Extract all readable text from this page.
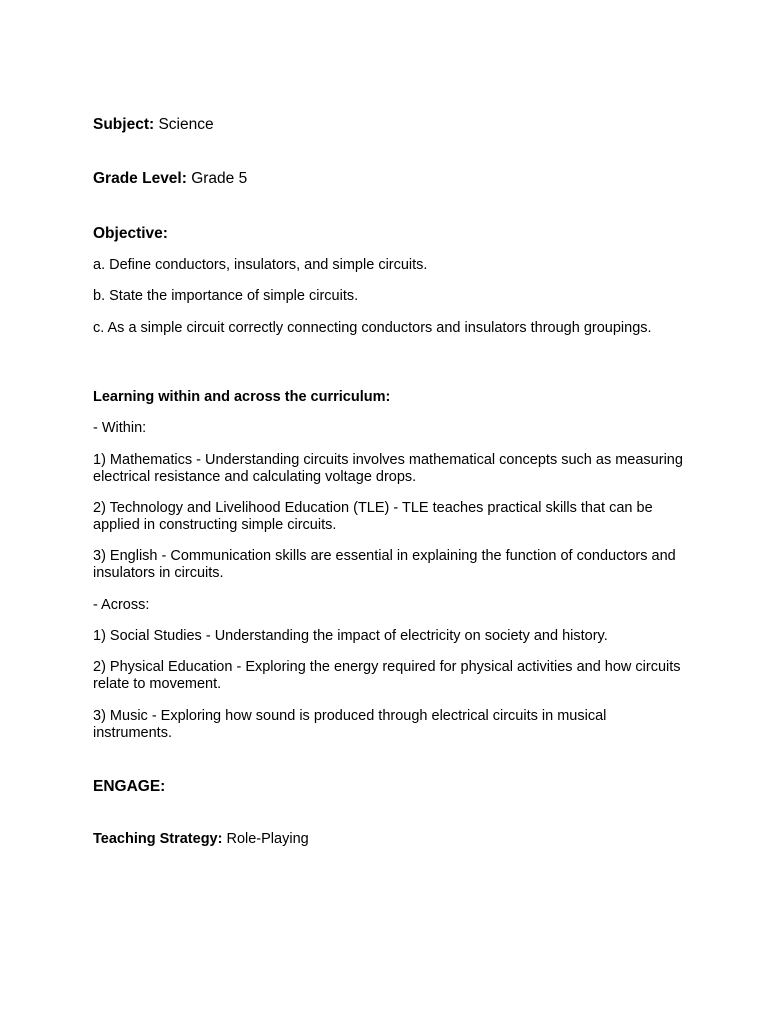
Subject: Science
Grade Level: Grade 5
Objective:
a. Define conductors, insulators, and simple circuits.
b. State the importance of simple circuits.
c. As a simple circuit correctly connecting conductors and insulators through groupings.
Learning within and across the curriculum:
- Within:
1) Mathematics - Understanding circuits involves mathematical concepts such as measuring electrical resistance and calculating voltage drops.
2) Technology and Livelihood Education (TLE) - TLE teaches practical skills that can be applied in constructing simple circuits.
3) English - Communication skills are essential in explaining the function of conductors and insulators in circuits.
- Across:
1) Social Studies - Understanding the impact of electricity on society and history.
2) Physical Education - Exploring the energy required for physical activities and how circuits relate to movement.
3) Music - Exploring how sound is produced through electrical circuits in musical instruments.
ENGAGE:
Teaching Strategy: Role-Playing
